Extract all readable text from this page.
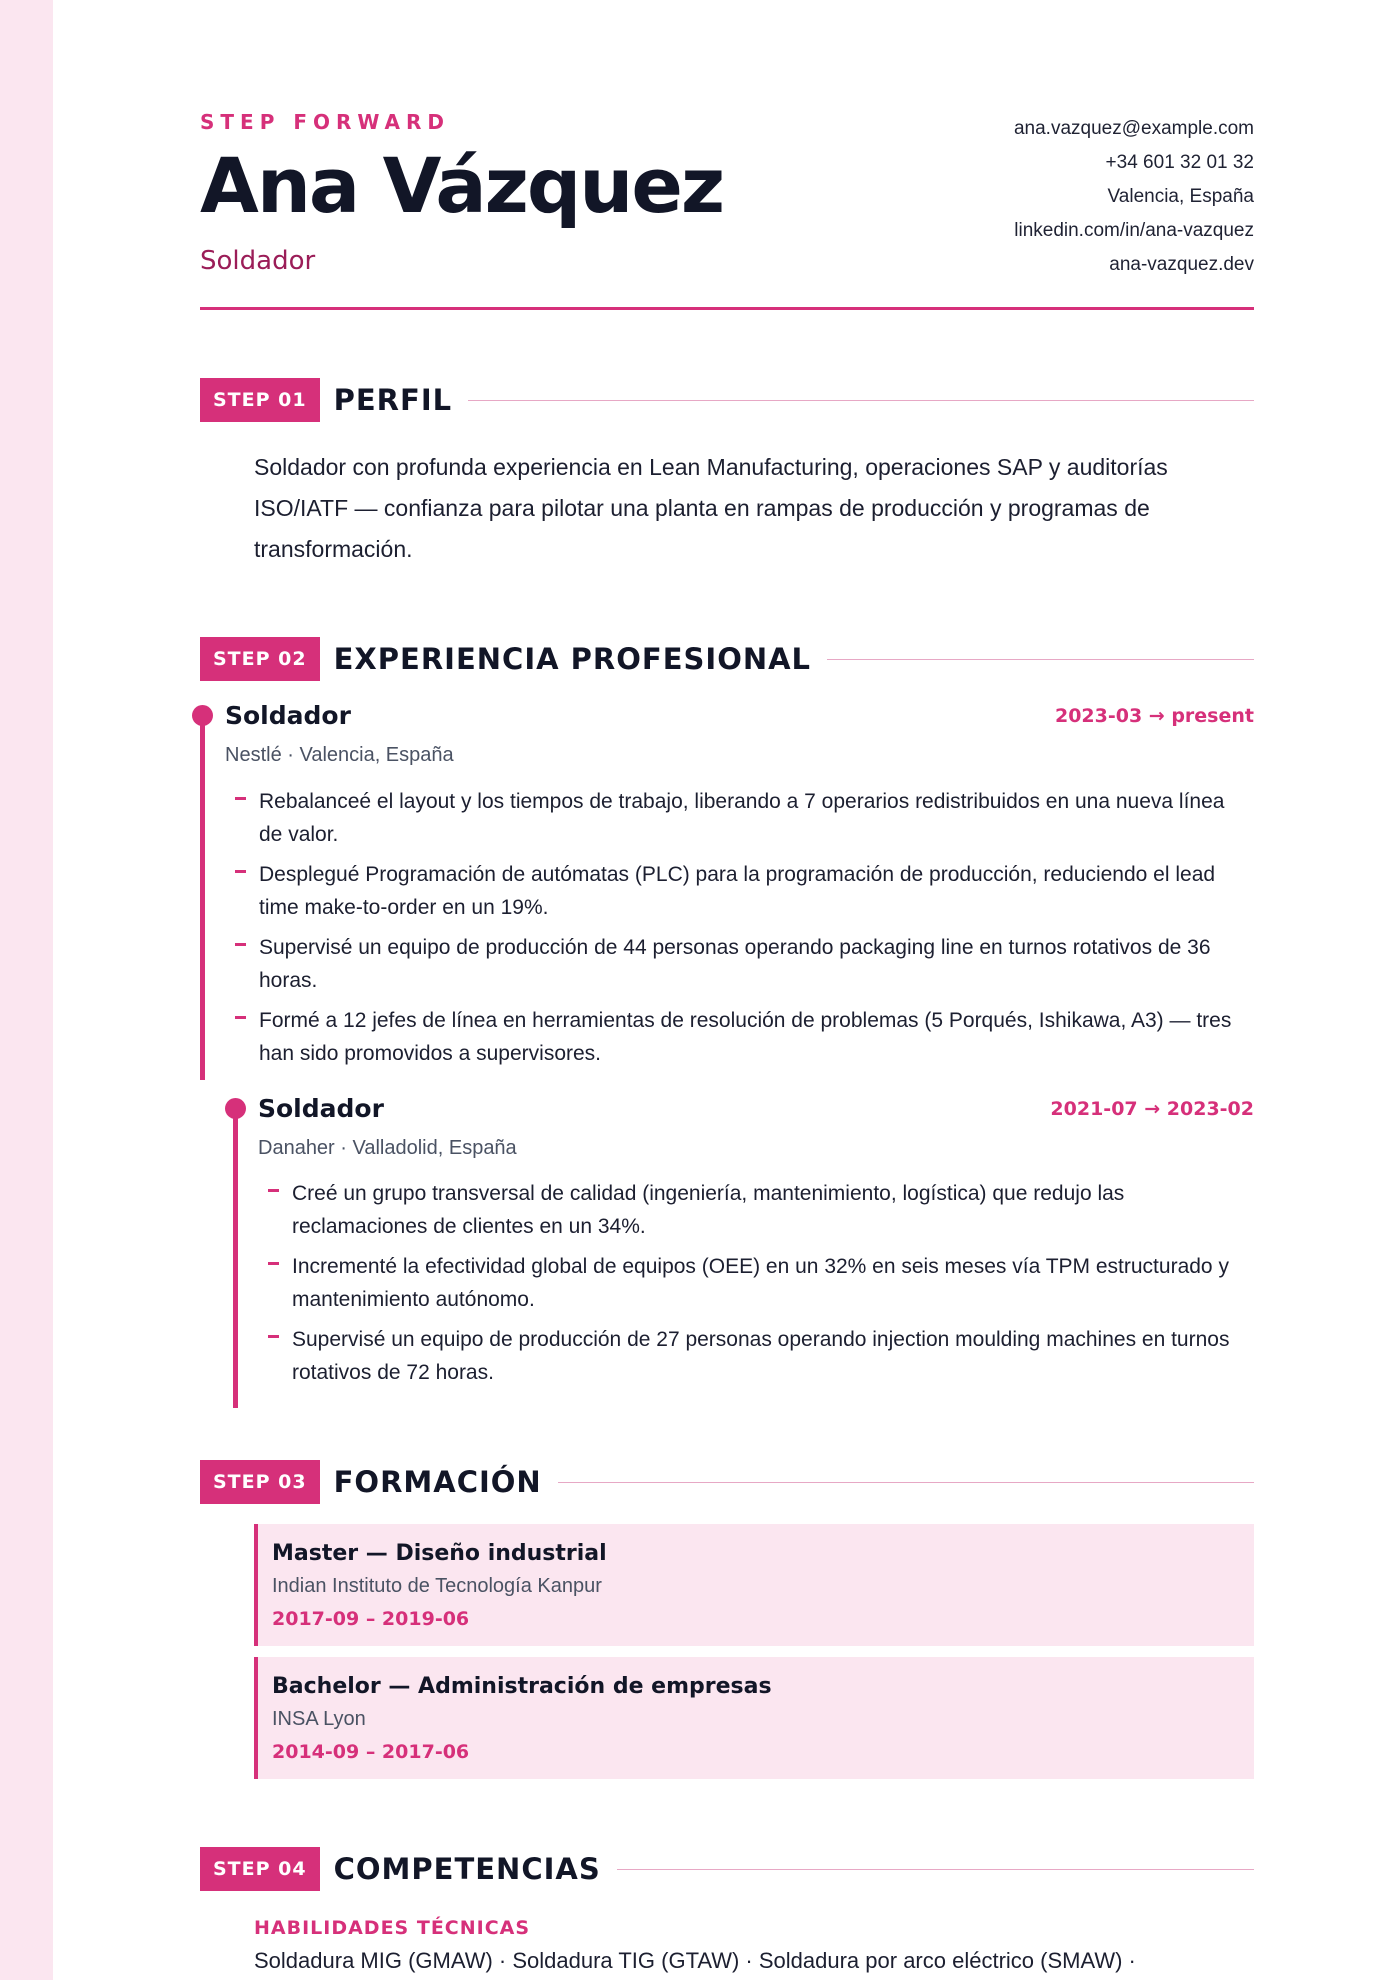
STEP FORWARD
Ana Vázquez
Soldador
ana.vazquez@example.com
+34 601 32 01 32
Valencia, España
linkedin.com/in/ana-vazquez
ana-vazquez.dev
STEP 01 PERFIL
Soldador con profunda experiencia en Lean Manufacturing, operaciones SAP y auditorías ISO/IATF — confianza para pilotar una planta en rampas de producción y programas de transformación.
STEP 02 EXPERIENCIA PROFESIONAL
Soldador	2023-03 → present
Nestlé · Valencia, España
Rebalanceé el layout y los tiempos de trabajo, liberando a 7 operarios redistribuidos en una nueva línea de valor.
Desplegué Programación de autómatas (PLC) para la programación de producción, reduciendo el lead time make-to-order en un 19%.
Supervisé un equipo de producción de 44 personas operando packaging line en turnos rotativos de 36 horas.
Formé a 12 jefes de línea en herramientas de resolución de problemas (5 Porqués, Ishikawa, A3) — tres han sido promovidos a supervisores.
Soldador	2021-07 → 2023-02
Danaher · Valladolid, España
Creé un grupo transversal de calidad (ingeniería, mantenimiento, logística) que redujo las reclamaciones de clientes en un 34%.
Incrementé la efectividad global de equipos (OEE) en un 32% en seis meses vía TPM estructurado y mantenimiento autónomo.
Supervisé un equipo de producción de 27 personas operando injection moulding machines en turnos rotativos de 72 horas.
STEP 03 FORMACIÓN
Master — Diseño industrial
Indian Instituto de Tecnología Kanpur
2017-09 – 2019-06
Bachelor — Administración de empresas
INSA Lyon
2014-09 – 2017-06
STEP 04 COMPETENCIAS
HABILIDADES TÉCNICAS
Soldadura MIG (GMAW) · Soldadura TIG (GTAW) · Soldadura por arco eléctrico (SMAW) ·
